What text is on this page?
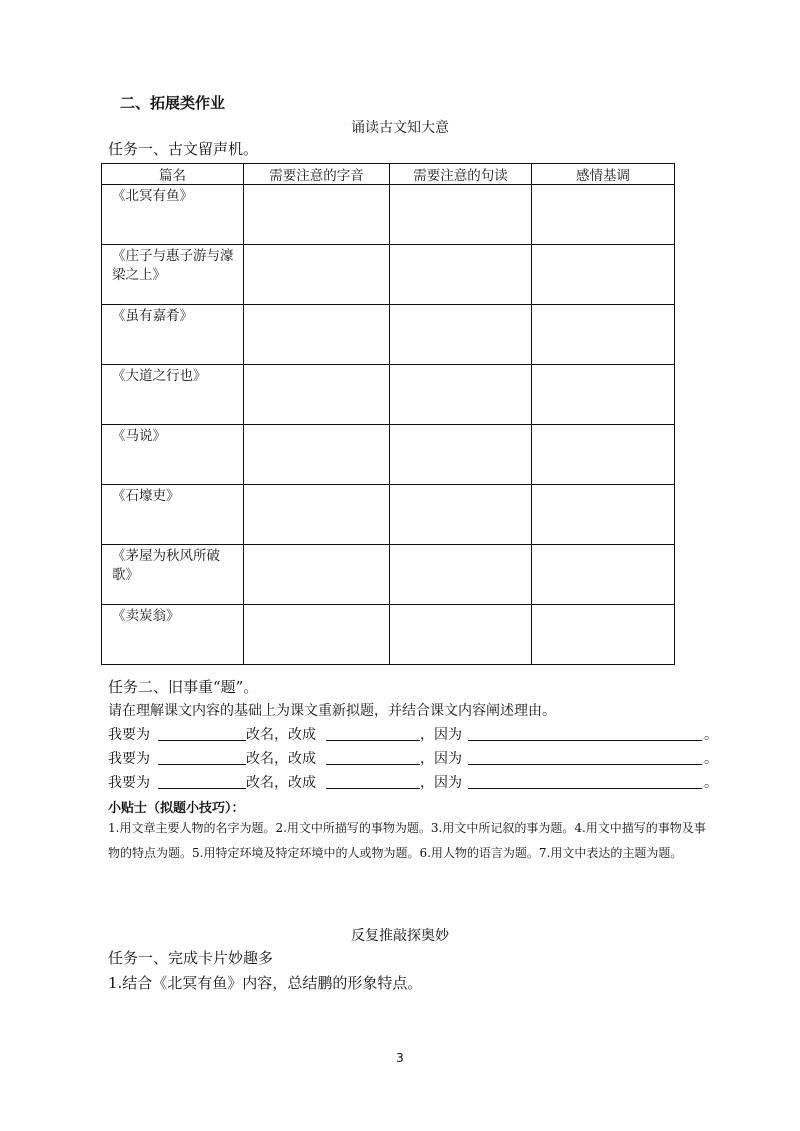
二、拓展类作业
诵读古文知大意
任务一、古文留声机。
篇名	需要注意的字音	需要注意的句读	感情基调
《北冥有鱼》			
《庄子与惠子游与濠梁之上》			
《虽有嘉肴》			
《大道之行也》			
《马说》			
《石壕吏》			
《茅屋为秋风所破歌》			
《卖炭翁》			
任务二、旧事重“题”。
请在理解课文内容的基础上为课文重新拟题，并结合课文内容阐述理由。
我要为	改名，改成	，因为	。
我要为	改名，改成	，因为	。
我要为	改名，改成	，因为	。
小贴士（拟题小技巧）：
1.用文章主要人物的名字为题。2.用文中所描写的事物为题。3.用文中所记叙的事为题。4.用文中描写的事物及事物的特点为题。5.用特定环境及特定环境中的人或物为题。6.用人物的语言为题。7.用文中表达的主题为题。
反复推敲探奥妙
任务一、完成卡片妙趣多
1.结合《北冥有鱼》内容，总结鹏的形象特点。
3
